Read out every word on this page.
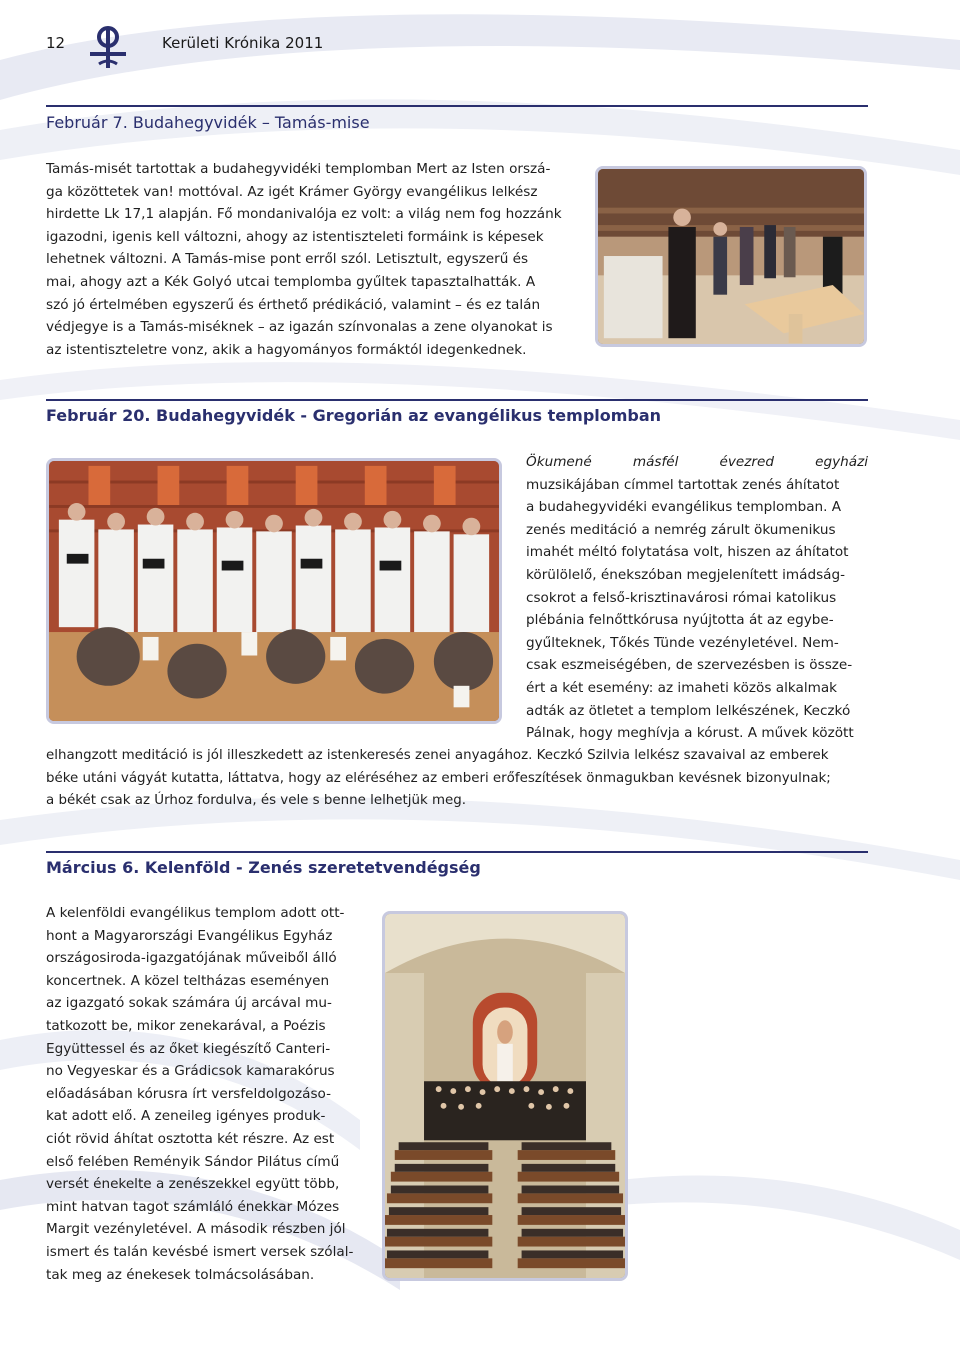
12	Kerületi Krónika 2011
Február 7. Budahegyvidék – Tamás-mise
Tamás-misét tartottak a budahegyvidéki templomban Mert az Isten orszá-
ga közöttetek van! mottóval. Az igét Krámer György evangélikus lelkész
hirdette Lk 17,1 alapján. Fő mondanivalója ez volt: a világ nem fog hozzánk
igazodni, igenis kell változni, ahogy az istentiszteleti formáink is képesek
lehetnek változni. A Tamás-mise pont erről szól. Letisztult, egyszerű és
mai, ahogy azt a Kék Golyó utcai templomba gyűltek tapasztalhatták. A
szó jó értelmében egyszerű és érthető prédikáció, valamint – és ez talán
védjegye is a Tamás-miséknek – az igazán színvonalas a zene olyanokat is
az istentiszteletre vonz, akik a hagyományos formáktól idegenkednek.
Február 20. Budahegyvidék - Gregorián az evangélikus templomban
Ökumené másfél évezred egyházi
muzsikájában címmel tartottak zenés áhítatot
a budahegyvidéki evangélikus templomban. A
zenés meditáció a nemrég zárult ökumenikus
imahét méltó folytatása volt, hiszen az áhítatot
körülölelő, énekszóban megjelenített imádság-
csokrot a felső-krisztinavárosi római katolikus
plébánia felnőttkórusa nyújtotta át az egybe-
gyűlteknek, Tőkés Tünde vezényletével. Nem-
csak eszmeiségében, de szervezésben is össze-
ért a két esemény: az imaheti közös alkalmak
adták az ötletet a templom lelkészének, Keczkó
Pálnak, hogy meghívja a kórust. A művek között
elhangzott meditáció is jól illeszkedett az istenkeresés zenei anyagához. Keczkó Szilvia lelkész szavaival az emberek
béke utáni vágyát kutatta, láttatva, hogy az eléréséhez az emberi erőfeszítések önmagukban kevésnek bizonyulnak;
a békét csak az Úrhoz fordulva, és vele s benne lelhetjük meg.
Március 6. Kelenföld - Zenés szeretetvendégség
A kelenföldi evangélikus templom adott ott-
hont a Magyarországi Evangélikus Egyház
országosiroda-igazgatójának műveiből álló
koncertnek. A közel teltházas eseményen
az igazgató sokak számára új arcával mu-
tatkozott be, mikor zenekarával, a Poézis
Együttessel és az őket kiegészítő Canteri-
no Vegyeskar és a Grádicsok kamarakórus
előadásában kórusra írt versfeldolgozáso-
kat adott elő. A zeneileg igényes produk-
ciót rövid áhítat osztotta két részre. Az est
első felében Reményik Sándor Pilátus című
versét énekelte a zenészekkel együtt több,
mint hatvan tagot számláló énekkar Mózes
Margit vezényletével. A második részben jól
ismert és talán kevésbé ismert versek szólal-
tak meg az énekesek tolmácsolásában.
